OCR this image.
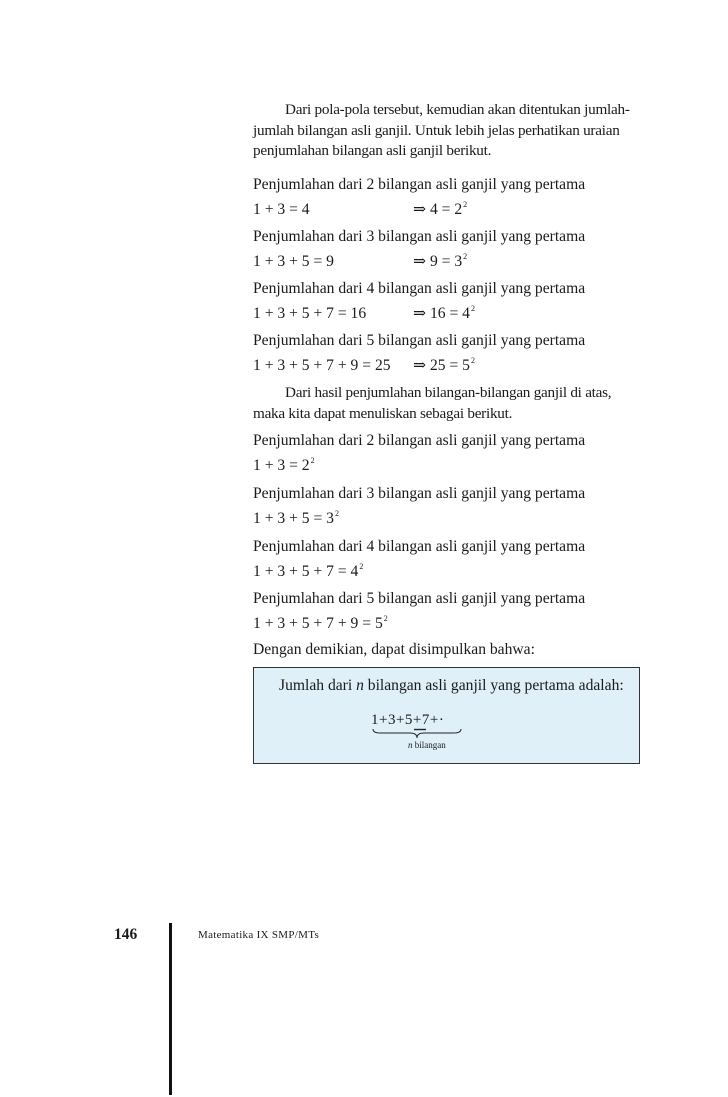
Dari pola-pola tersebut, kemudian akan ditentukan jumlah-
jumlah bilangan asli ganjil. Untuk lebih jelas perhatikan uraian
penjumlahan bilangan asli ganjil berikut.
Penjumlahan dari 2 bilangan asli ganjil yang pertama
1 + 3 = 4	⇒ $4 = 2^2$
Penjumlahan dari 3 bilangan asli ganjil yang pertama
1 + 3 + 5 = 9	⇒ $9 = 3^2$
Penjumlahan dari 4 bilangan asli ganjil yang pertama
1 + 3 + 5 + 7 = 16	⇒ $16 = 4^2$
Penjumlahan dari 5 bilangan asli ganjil yang pertama
1 + 3 + 5 + 7 + 9 = 25 ⇒ $25 = 5^2$
Dari hasil penjumlahan bilangan-bilangan ganjil di atas,
maka kita dapat menuliskan sebagai berikut.
Penjumlahan dari 2 bilangan asli ganjil yang pertama
$1 + 3 = 2^2$
Penjumlahan dari 3 bilangan asli ganjil yang pertama
$1 + 3 + 5 = 3^2$
Penjumlahan dari 4 bilangan asli ganjil yang pertama
$1 + 3 + 5 + 7 = 4^2$
Penjumlahan dari 5 bilangan asli ganjil yang pertama
$1 + 3 + 5 + 7 + 9 = 5^2$
Dengan demikian, dapat disimpulkan bahwa:
Jumlah dari n bilangan asli ganjil yang pertama adalah:
1+3+5+7+·
n bilangan
146	Matematika IX SMP/MTs
